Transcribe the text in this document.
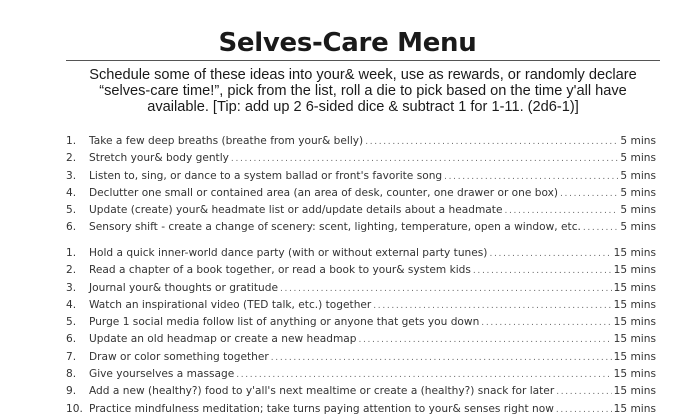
Selves-Care Menu
Schedule some of these ideas into your& week, use as rewards, or randomly declare “selves-care time!”, pick from the list, roll a die to pick based on the time y'all have available. [Tip: add up 2 6-sided dice & subtract 1 for 1-11. (2d6-1)]
1.	Take a few deep breaths (breathe from your& belly) . . .	5 mins
2.	Stretch your& body gently . . .	5 mins
3.	Listen to, sing, or dance to a system ballad or front's favorite song . . .	5 mins
4.	Declutter one small or contained area (an area of desk, counter, one drawer or one box) . . .	5 mins
5.	Update (create) your& headmate list or add/update details about a headmate . . .	5 mins
6.	Sensory shift - create a change of scenery: scent, lighting, temperature, open a window, etc. . . .	5 mins
1.	Hold a quick inner-world dance party (with or without external party tunes) . . .	15 mins
2.	Read a chapter of a book together, or read a book to your& system kids . . .	15 mins
3.	Journal your& thoughts or gratitude . . .	15 mins
4.	Watch an inspirational video (TED talk, etc.) together . . .	15 mins
5.	Purge 1 social media follow list of anything or anyone that gets you down . . .	15 mins
6.	Update an old headmap or create a new headmap . . .	15 mins
7.	Draw or color something together . . .	15 mins
8.	Give yourselves a massage . . .	15 mins
9.	Add a new (healthy?) food to y'all's next mealtime or create a (healthy?) snack for later . . .	15 mins
10. Practice mindfulness meditation; take turns paying attention to your& senses right now . . .	15 mins
